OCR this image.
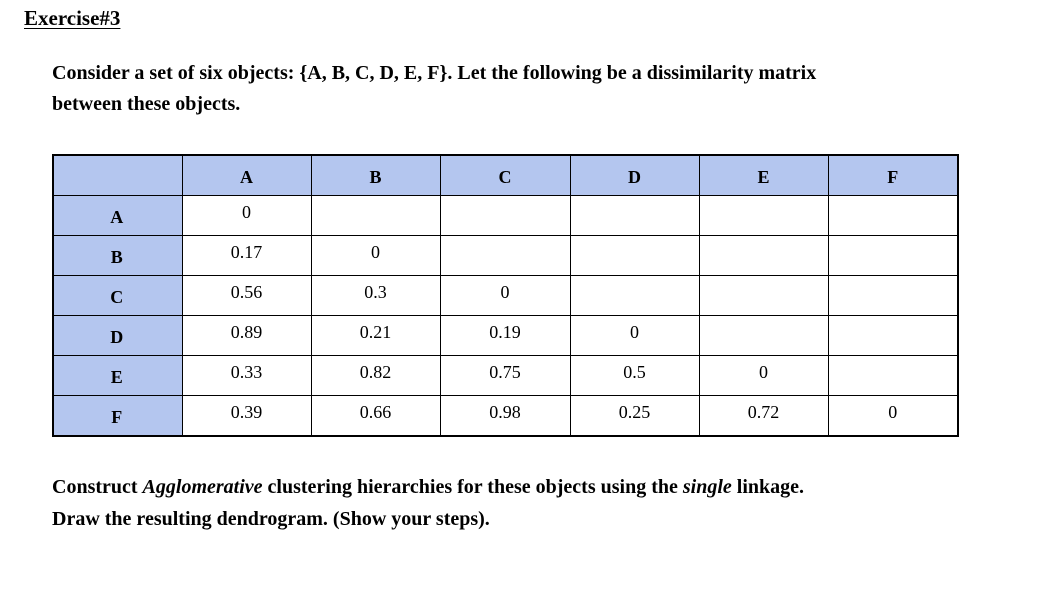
Exercise#3
Consider a set of six objects: {A, B, C, D, E, F}. Let the following be a dissimilarity matrix
between these objects.
	A	B	C	D	E	F
A	0					
B	0.17	0				
C	0.56	0.3	0			
D	0.89	0.21	0.19	0		
E	0.33	0.82	0.75	0.5	0	
F	0.39	0.66	0.98	0.25	0.72	0
Construct Agglomerative clustering hierarchies for these objects using the single linkage.
Draw the resulting dendrogram. (Show your steps).
